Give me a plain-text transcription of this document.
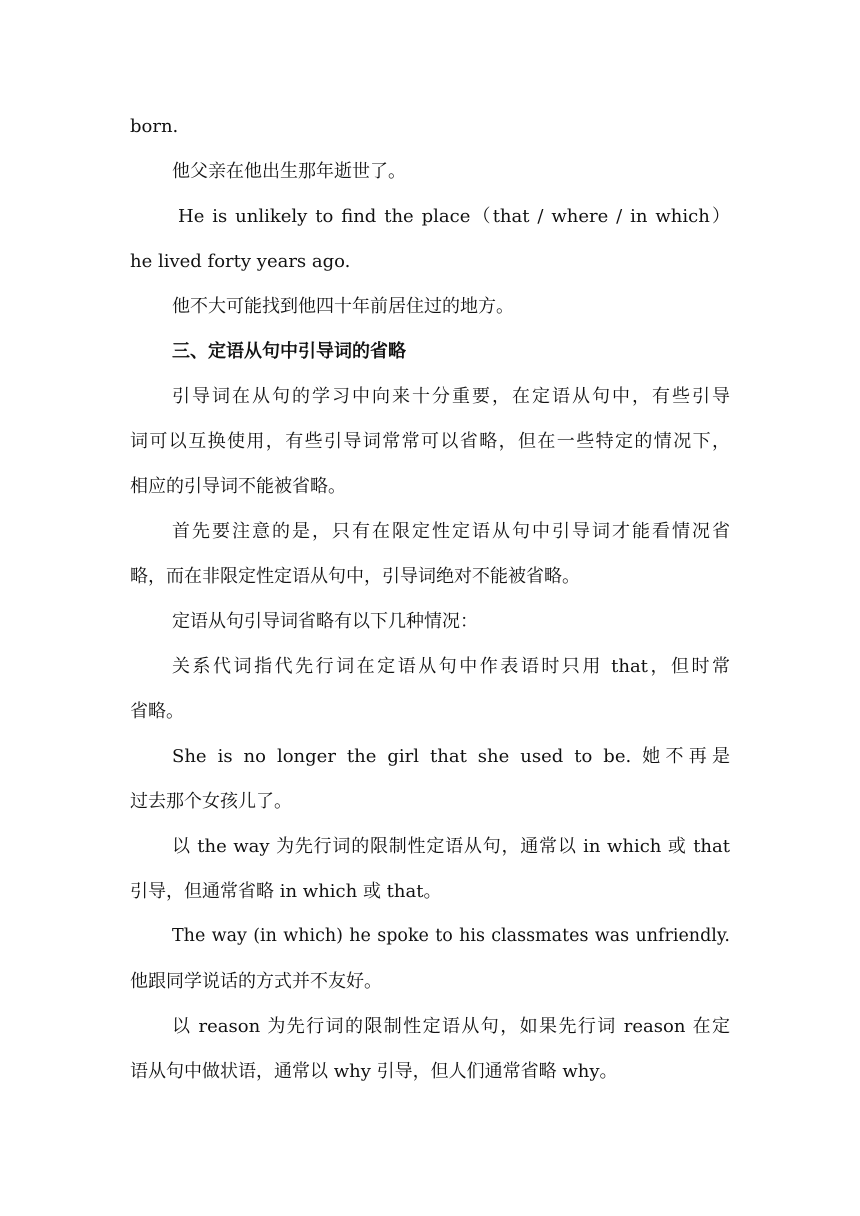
born.
他父亲在他出生那年逝世了。
He is unlikely to find the place（that / where / in which）
he lived forty years ago.
他不大可能找到他四十年前居住过的地方。
三、定语从句中引导词的省略
引导词在从句的学习中向来十分重要，在定语从句中，有些引导
词可以互换使用，有些引导词常常可以省略，但在一些特定的情况下，
相应的引导词不能被省略。
首先要注意的是，只有在限定性定语从句中引导词才能看情况省
略，而在非限定性定语从句中，引导词绝对不能被省略。
定语从句引导词省略有以下几种情况：
关系代词指代先行词在定语从句中作表语时只用 that，但时常
省略。
She is no longer the girl that she used to be. 她不再是
过去那个女孩儿了。
以 the way 为先行词的限制性定语从句，通常以 in which 或 that
引导，但通常省略 in which 或 that。
The way (in which) he spoke to his classmates was unfriendly.
他跟同学说话的方式并不友好。
以 reason 为先行词的限制性定语从句，如果先行词 reason 在定
语从句中做状语，通常以 why 引导，但人们通常省略 why。
